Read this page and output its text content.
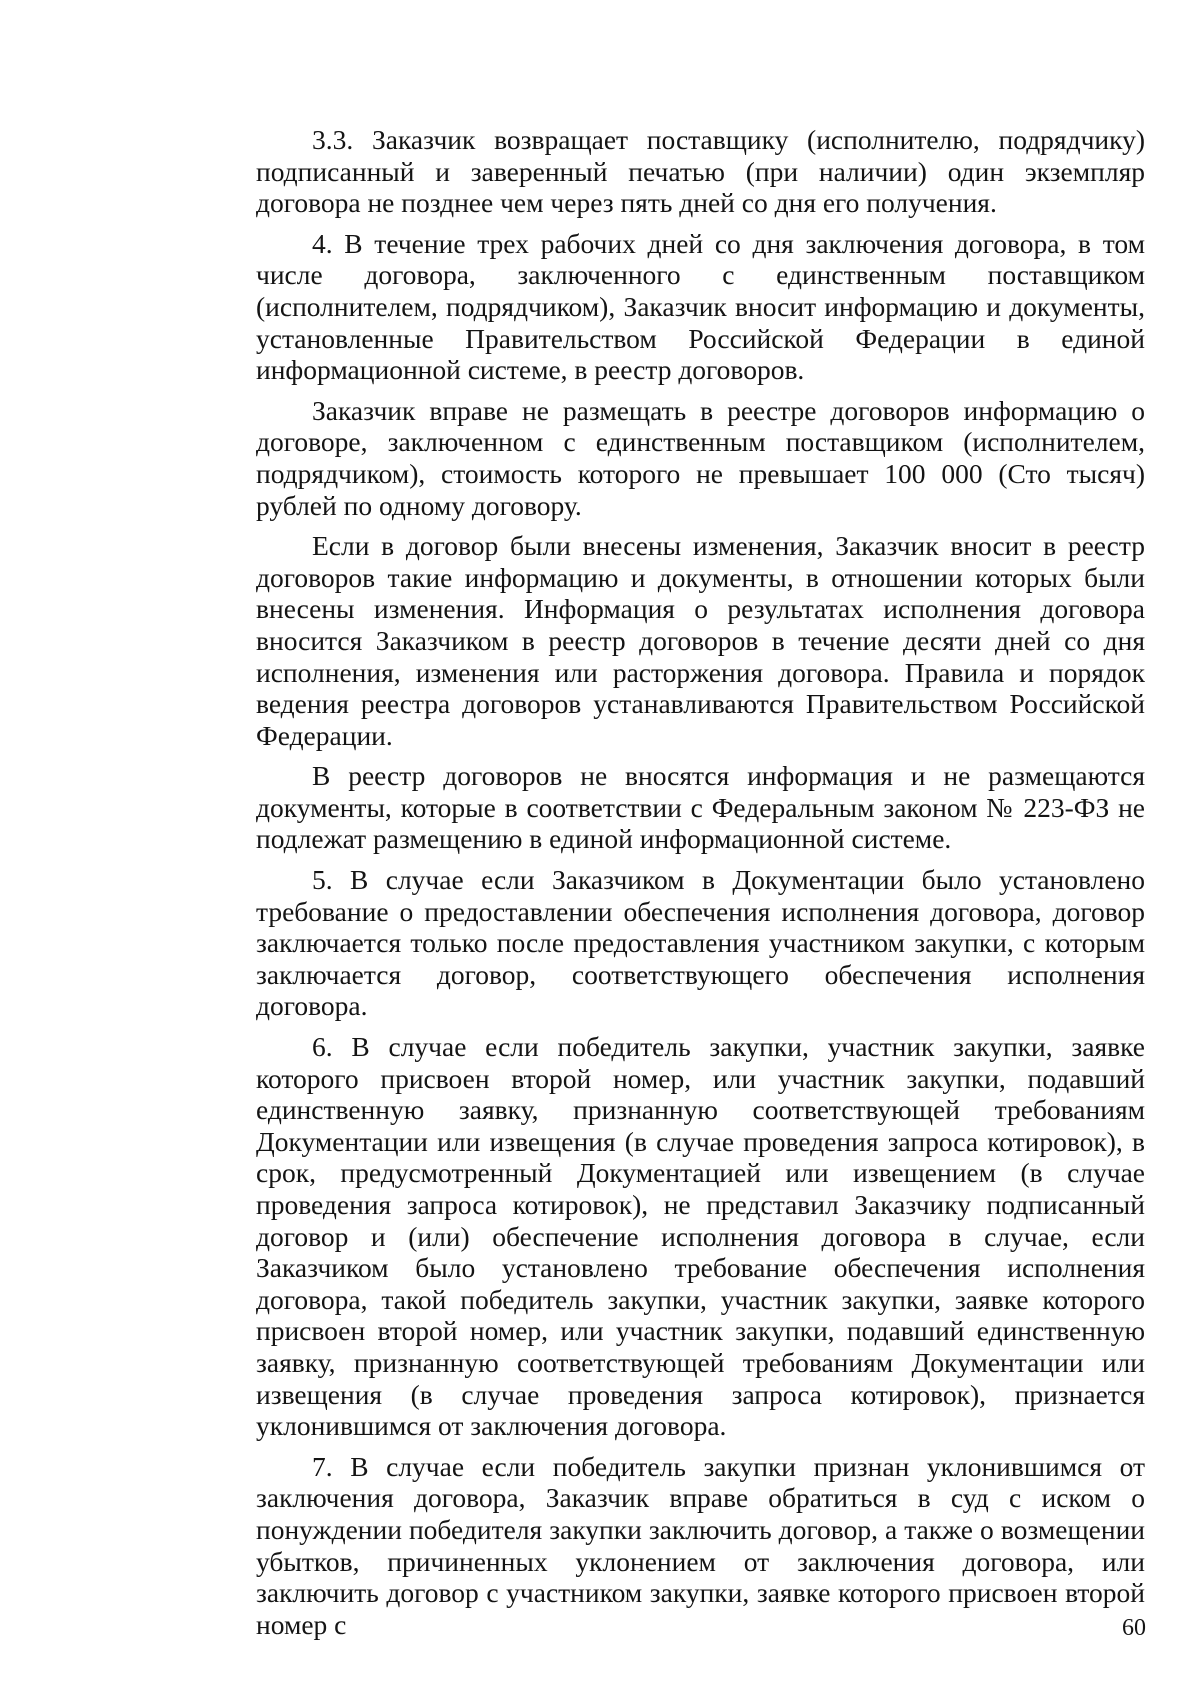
3.3. Заказчик возвращает поставщику (исполнителю, подрядчику) подписанный и заверенный печатью (при наличии) один экземпляр договора не позднее чем через пять дней со дня его получения.

4. В течение трех рабочих дней со дня заключения договора, в том числе договора, заключенного с единственным поставщиком (исполнителем, подрядчиком), Заказчик вносит информацию и документы, установленные Правительством Российской Федерации в единой информационной системе, в реестр договоров.

Заказчик вправе не размещать в реестре договоров информацию о договоре, заключенном с единственным поставщиком (исполнителем, подрядчиком), стоимость которого не превышает 100 000 (Сто тысяч) рублей по одному договору.

Если в договор были внесены изменения, Заказчик вносит в реестр договоров такие информацию и документы, в отношении которых были внесены изменения. Информация о результатах исполнения договора вносится Заказчиком в реестр договоров в течение десяти дней со дня исполнения, изменения или расторжения договора. Правила и порядок ведения реестра договоров устанавливаются Правительством Российской Федерации.

В реестр договоров не вносятся информация и не размещаются документы, которые в соответствии с Федеральным законом № 223-ФЗ не подлежат размещению в единой информационной системе.

5. В случае если Заказчиком в Документации было установлено требование о предоставлении обеспечения исполнения договора, договор заключается только после предоставления участником закупки, с которым заключается договор, соответствующего обеспечения исполнения договора.

6. В случае если победитель закупки, участник закупки, заявке которого присвоен второй номер, или участник закупки, подавший единственную заявку, признанную соответствующей требованиям Документации или извещения (в случае проведения запроса котировок), в срок, предусмотренный Документацией или извещением (в случае проведения запроса котировок), не представил Заказчику подписанный договор и (или) обеспечение исполнения договора в случае, если Заказчиком было установлено требование обеспечения исполнения договора, такой победитель закупки, участник закупки, заявке которого присвоен второй номер, или участник закупки, подавший единственную заявку, признанную соответствующей требованиям Документации или извещения (в случае проведения запроса котировок), признается уклонившимся от заключения договора.

7. В случае если победитель закупки признан уклонившимся от заключения договора, Заказчик вправе обратиться в суд с иском о понуждении победителя закупки заключить договор, а также о возмещении убытков, причиненных уклонением от заключения договора, или заключить договор с участником закупки, заявке которого присвоен второй номер с	60
